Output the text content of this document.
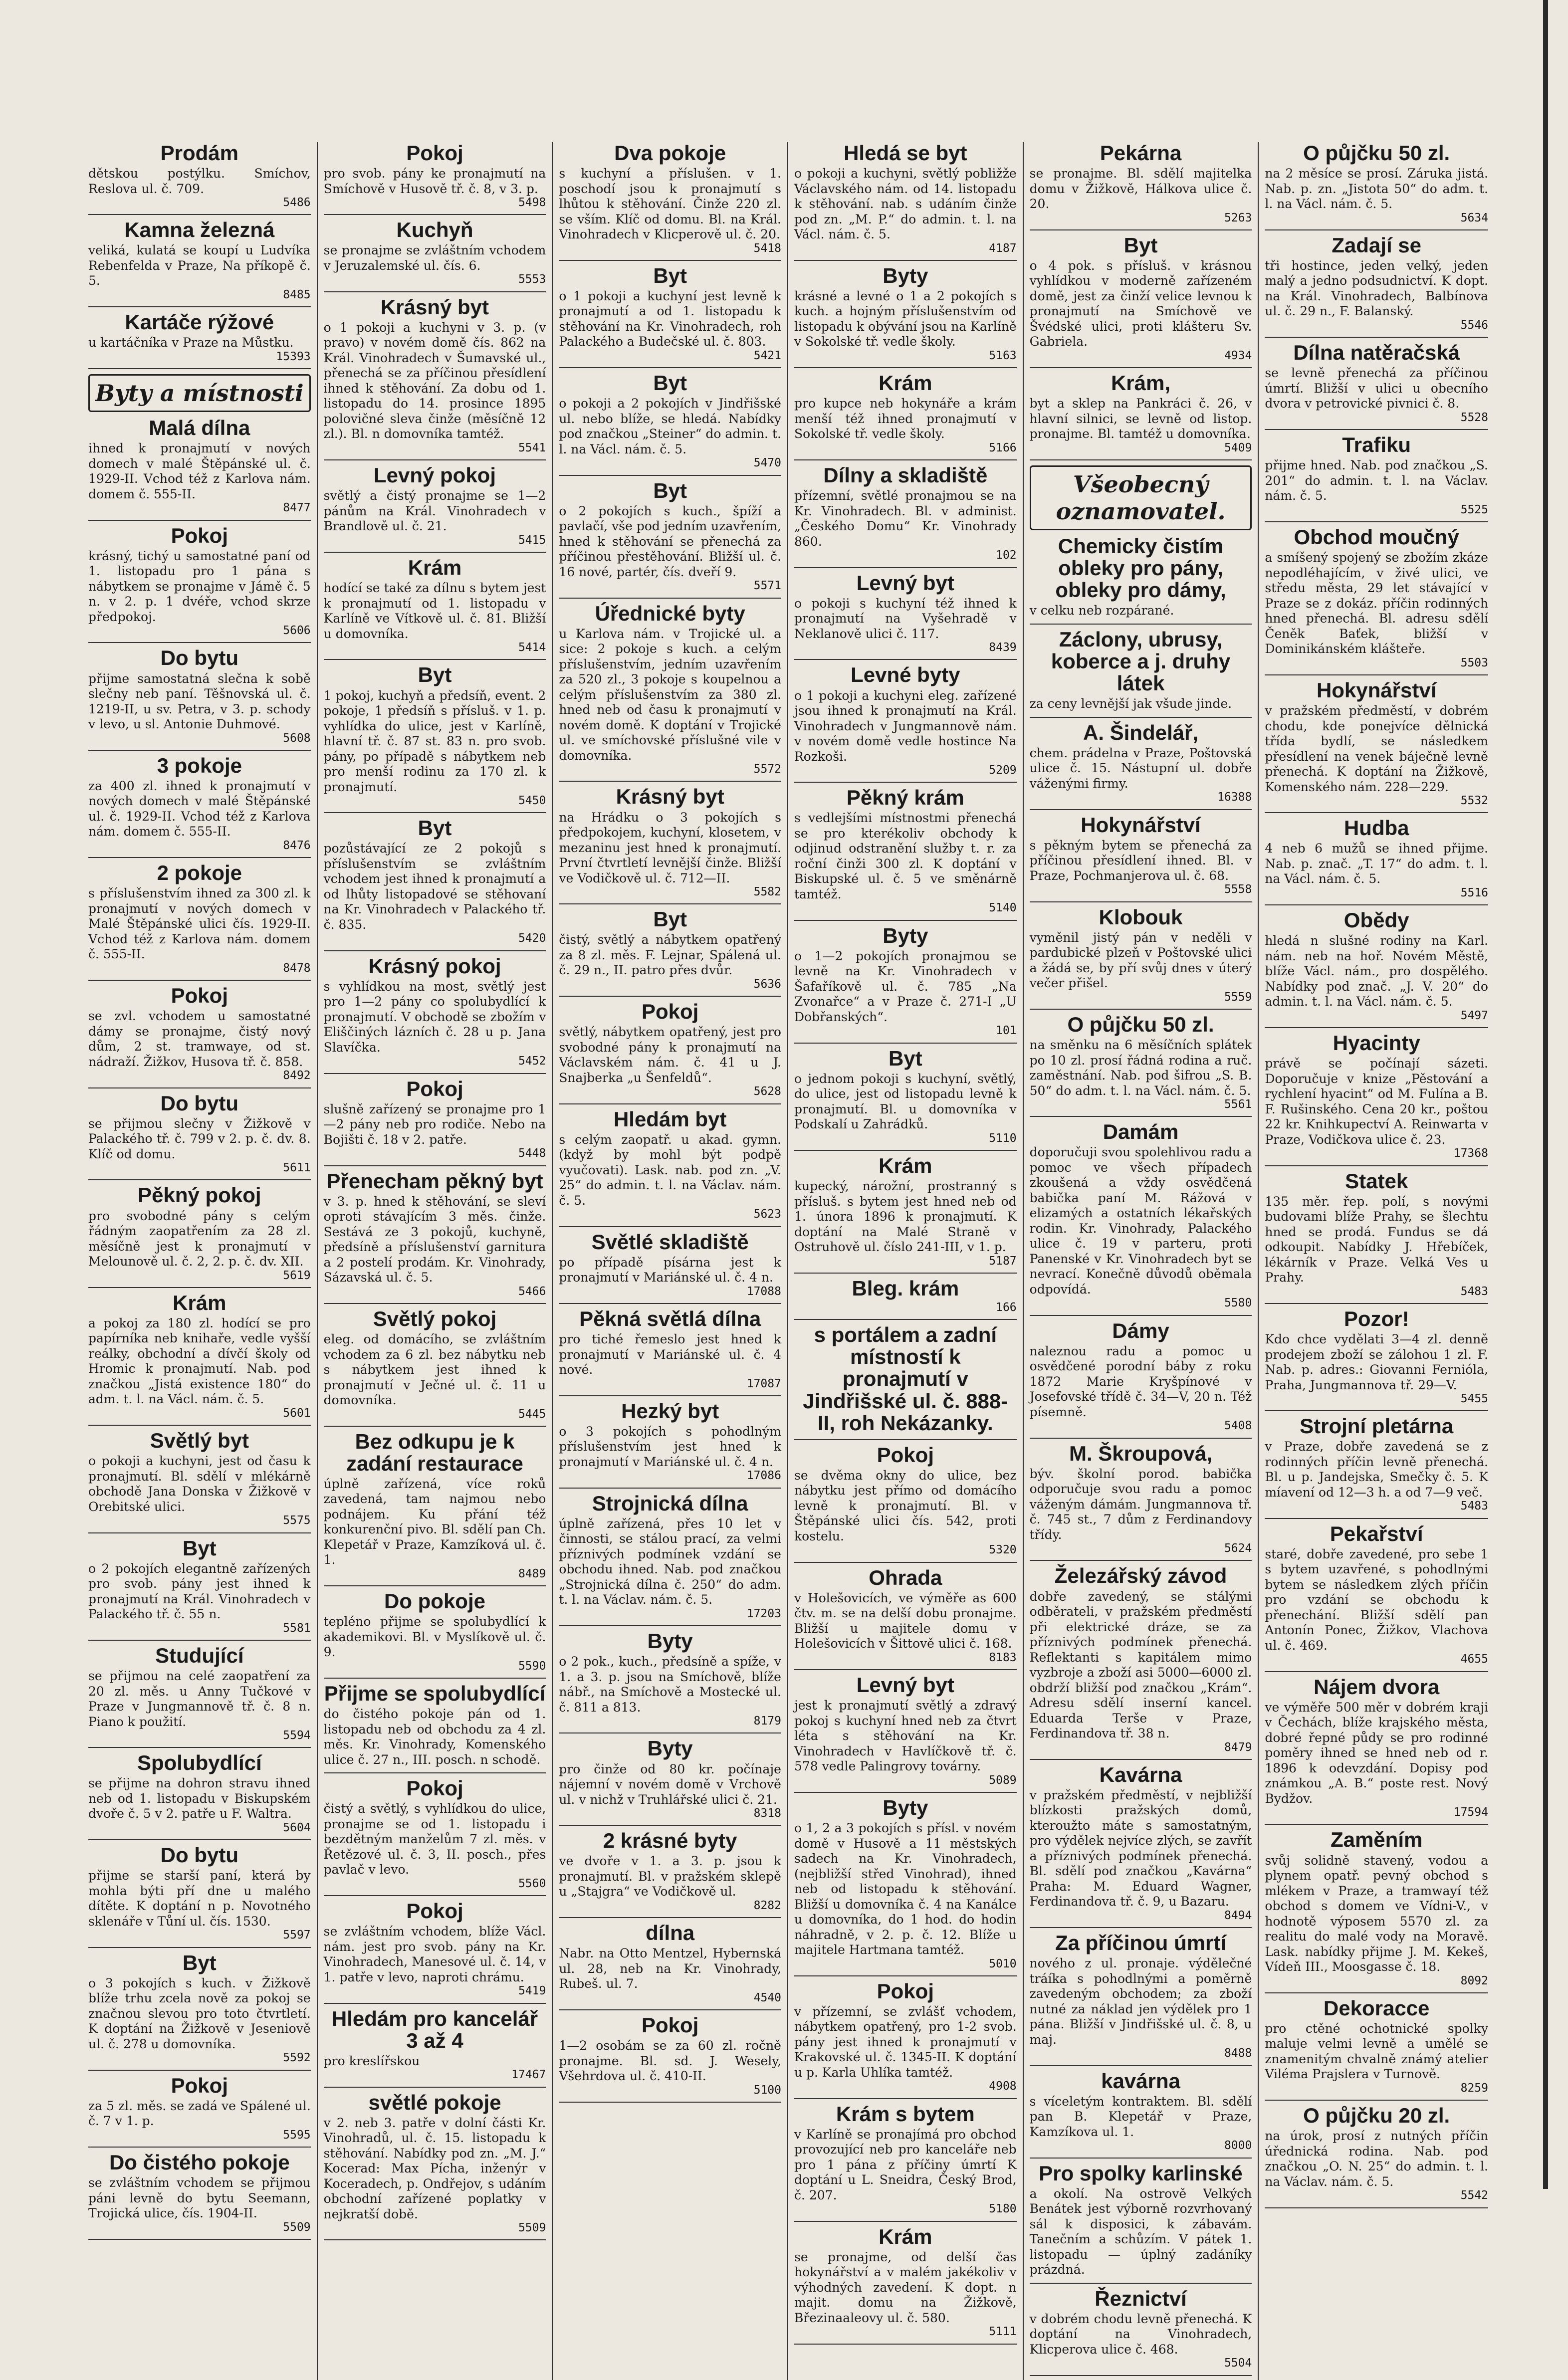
Prodám

dětskou postýlku. Smíchov, Reslova ul. č. 709.

5486
Kamna železná

veliká, kulatá se koupí u Ludvíka Rebenfelda v Praze, Na příkopě č. 5.

8485
Kartáče rýžové

u kartáčníka v Praze na Můstku.

15393
Byty a místnosti
Malá dílna

ihned k pronajmutí v nových domech v malé Štěpánské ul. č. 1929-II. Vchod též z Karlova nám. domem č. 555-II.

8477
Pokoj

krásný, tichý u samostatné paní od 1. listopadu pro 1 pána s nábytkem se pronajme v Jámě č. 5 n. v 2. p. 1 dvéře, vchod skrze předpokoj.

5606
Do bytu

přijme samostatná slečna k sobě slečny neb paní. Těšnovská ul. č. 1219-II, u sv. Petra, v 3. p. schody v levo, u sl. Antonie Duhmové.

5608
3 pokoje

za 400 zl. ihned k pronajmutí v nových domech v malé Štěpánské ul. č. 1929-II. Vchod též z Karlova nám. domem č. 555-II.

8476
2 pokoje

s příslušenstvím ihned za 300 zl. k pronajmutí v nových domech v Malé Štěpánské ulici čís. 1929-II. Vchod též z Karlova nám. domem č. 555-II.

8478
Pokoj

se zvl. vchodem u samostatné dámy se pronajme, čistý nový dům, 2 st. tramwaye, od st. nádraží. Žižkov, Husova tř. č. 858.

8492
Do bytu

se přijmou slečny v Žižkově v Palackého tř. č. 799 v 2. p. č. dv. 8. Klíč od domu.

5611
Pěkný pokoj

pro svobodné pány s celým řádným zaopatřením za 28 zl. měsíčně jest k pronajmutí v Melounově ul. č. 2, 2. p. č. dv. XII.

5619
Krám

a pokoj za 180 zl. hodící se pro papírníka neb knihaře, vedle vyšší reálky, obchodní a dívčí školy od Hromic k pronajmutí. Nab. pod značkou „Jistá existence 180“ do adm. t. l. na Václ. nám. č. 5.

5601
Světlý byt

o pokoji a kuchyni, jest od času k pronajmutí. Bl. sdělí v mlékárně obchodě Jana Donska v Žižkově v Orebitské ulici.

5575
Byt

o 2 pokojích elegantně zařízených pro svob. pány jest ihned k pronajmutí na Král. Vinohradech v Palackého tř. č. 55 n.

5581
Studující

se přijmou na celé zaopatření za 20 zl. měs. u Anny Tučkové v Praze v Jungmannově tř. č. 8 n. Piano k použití.

5594
Spolubydlící

se přijme na dohron stravu ihned neb od 1. listopadu v Biskupském dvoře č. 5 v 2. patře u F. Waltra.

5604
Do bytu

přijme se starší paní, která by mohla býti pří dne u malého dítěte. K doptání n p. Novotného sklenáře v Tůní ul. čís. 1530.

5597
Byt

o 3 pokojích s kuch. v Žižkově blíže trhu zcela nově za pokoj se značnou slevou pro toto čtvrtletí. K doptání na Žižkově v Jeseniově ul. č. 278 u domovníka.

5592
Pokoj

za 5 zl. měs. se zadá ve Spálené ul. č. 7 v 1. p.

5595
Do čistého pokoje

se zvláštním vchodem se přijmou páni levně do bytu Seemann, Trojická ulice, čís. 1904-II.

5509
Pokoj

pro svob. pány ke pronajmutí na Smíchově v Husově tř. č. 8, v 3. p.

5498
Kuchyň

se pronajme se zvláštním vchodem v Jeruzalemské ul. čís. 6.

5553
Krásný byt

o 1 pokoji a kuchyni v 3. p. (v pravo) v novém domě čís. 862 na Král. Vinohradech v Šumavské ul., přenechá se za příčinou přesídlení ihned k stěhování. Za dobu od 1. listopadu do 14. prosince 1895 polovičné sleva činže (měsíčně 12 zl.). Bl. n domovníka tamtéž.

5541
Levný pokoj

světlý a čistý pronajme se 1—2 pánům na Král. Vinohradech v Brandlově ul. č. 21.

5415
Krám

hodící se také za dílnu s bytem jest k pronajmutí od 1. listopadu v Karlíně ve Vítkově ul. č. 81. Bližší u domovníka.

5414
Byt

1 pokoj, kuchyň a předsíň, event. 2 pokoje, 1 předsíň s přísluš. v 1. p. vyhlídka do ulice, jest v Karlíně, hlavní tř. č. 87 st. 83 n. pro svob. pány, po případě s nábytkem neb pro menší rodinu za 170 zl. k pronajmutí.

5450
Byt

pozůstávající ze 2 pokojů s příslušenstvím se zvláštním vchodem jest ihned k pronajmutí a od lhůty listopadové se stěhovaní na Kr. Vinohradech v Palackého tř. č. 835.

5420
Krásný pokoj

s vyhlídkou na most, světlý jest pro 1—2 pány co spolubydlící k pronajmutí. V obchodě se zbožím v Eliščiných lázních č. 28 u p. Jana Slavíčka.

5452
Pokoj

slušně zařízený se pronajme pro 1—2 pány neb pro rodiče. Nebo na Bojišti č. 18 v 2. patře.

5448
Přenecham pěkný byt

v 3. p. hned k stěhování, se sleví oproti stávajícím 3 měs. činže. Sestává ze 3 pokojů, kuchyně, předsíně a příslušenství garnitura a 2 postelí prodám. Kr. Vinohrady, Sázavská ul. č. 5.

5466
Světlý pokoj

eleg. od domácího, se zvláštním vchodem za 6 zl. bez nábytku neb s nábytkem jest ihned k pronajmutí v Ječné ul. č. 11 u domovníka.

5445
Bez odkupu je k zadání restaurace

úplně zařízená, více roků zavedená, tam najmou nebo podnájem. Ku přání též konkurenční pivo. Bl. sdělí pan Ch. Klepetář v Praze, Kamzíková ul. č. 1.

8489
Do pokoje

tepléno přijme se spolubydlící k akademikovi. Bl. v Myslíkově ul. č. 9.

5590
Přijme se spolubydlící

do čistého pokoje pán od 1. listopadu neb od obchodu za 4 zl. měs. Kr. Vinohrady, Komenského ulice č. 27 n., III. posch. n schodě.

Pokoj

čistý a světlý, s vyhlídkou do ulice, pronajme se od 1. listopadu i bezdětným manželům 7 zl. měs. v Řetězové ul. č. 3, II. posch., přes pavlač v levo.

5560
Pokoj

se zvláštním vchodem, blíže Václ. nám. jest pro svob. pány na Kr. Vinohradech, Manesové ul. č. 14, v 1. patře v levo, naproti chrámu.

5419
Hledám pro kancelář 3 až 4

pro kreslířskou

17467
světlé pokoje

v 2. neb 3. patře v dolní části Kr. Vinohradů, ul. č. 15. listopadu k stěhování. Nabídky pod zn. „M. J.“ Kocerad: Max Pícha, inženýr v Koceradech, p. Ondřejov, s udáním obchodní zařízené poplatky v nejkratší době.

5509
Dva pokoje

s kuchyní a příslušen. v 1. poschodí jsou k pronajmutí s lhůtou k stěhování. Činže 220 zl. se vším. Klíč od domu. Bl. na Král. Vinohradech v Klicperově ul. č. 20.

5418
Byt

o 1 pokoji a kuchyní jest levně k pronajmutí a od 1. listopadu k stěhování na Kr. Vinohradech, roh Palackého a Budečské ul. č. 803.

5421
Byt

o pokoji a 2 pokojích v Jindřišské ul. nebo blíže, se hledá. Nabídky pod značkou „Steiner“ do admin. t. l. na Václ. nám. č. 5.

5470
Byt

o 2 pokojích s kuch., špíží a pavlačí, vše pod jedním uzavřením, hned k stěhování se přenechá za příčinou přestěhování. Bližší ul. č. 16 nové, partér, čís. dveří 9.

5571
Úřednické byty

u Karlova nám. v Trojické ul. a sice: 2 pokoje s kuch. a celým příslušenstvím, jedním uzavřením za 520 zl., 3 pokoje s koupelnou a celým příslušenstvím za 380 zl. hned neb od času k pronajmutí v novém domě. K doptání v Trojické ul. ve smíchovské příslušné vile v domovníka.

5572
Krásný byt

na Hrádku o 3 pokojích s předpokojem, kuchyní, klosetem, v mezaninu jest hned k pronajmutí. První čtvrtletí levnější činže. Bližší ve Vodičkově ul. č. 712—II.

5582
Byt

čistý, světlý a nábytkem opatřený za 8 zl. měs. F. Lejnar, Spálená ul. č. 29 n., II. patro přes dvůr.

5636
Pokoj

světlý, nábytkem opatřený, jest pro svobodné pány k pronajmutí na Václavském nám. č. 41 u J. Snajberka „u Šenfeldů“.

5628
Hledám byt

s celým zaopatř. u akad. gymn. (když by mohl být podpě vyučovati). Lask. nab. pod zn. „V. 25“ do admin. t. l. na Václav. nám. č. 5.

5623
Světlé skladiště

po případě písárna jest k pronajmutí v Mariánské ul. č. 4 n.

17088
Pěkná světlá dílna

pro tiché řemeslo jest hned k pronajmutí v Mariánské ul. č. 4 nové.

17087
Hezký byt

o 3 pokojích s pohodlným příslušenstvím jest hned k pronajmutí v Mariánské ul. č. 4 n.

17086
Strojnická dílna

úplně zařízená, přes 10 let v činnosti, se stálou prací, za velmi příznivých podmínek vzdání se obchodu ihned. Nab. pod značkou „Strojnická dílna č. 250“ do adm. t. l. na Václav. nám. č. 5.

17203
Byty

o 2 pok., kuch., předsíně a spíže, v 1. a 3. p. jsou na Smíchově, blíže nábř., na Smíchově a Mostecké ul. č. 811 a 813.

8179
Byty

pro činže od 80 kr. počínaje nájemní v novém domě v Vrchově ul. v nichž v Truhlářské ulici č. 21.

8318
2 krásné byty

ve dvoře v 1. a 3. p. jsou k pronajmutí. Bl. v pražském sklepě u „Stajgra“ ve Vodičkově ul.

8282
dílna

Nabr. na Otto Mentzel, Hybernská ul. 28, neb na Kr. Vinohrady, Rubeš. ul. 7.

4540
Pokoj

1—2 osobám se za 60 zl. ročně pronajme. Bl. sd. J. Wesely, Všehrdova ul. č. 410-II.

5100
Hledá se byt

o pokoji a kuchyni, světlý pobližže Václavského nám. od 14. listopadu k stěhování. nab. s udáním činže pod zn. „M. P.“ do admin. t. l. na Václ. nám. č. 5.

4187
Byty

krásné a levné o 1 a 2 pokojích s kuch. a hojným příslušenstvím od listopadu k obývání jsou na Karlíně v Sokolské tř. vedle školy.

5163
Krám

pro kupce neb hokynáře a krám menší též ihned pronajmutí v Sokolské tř. vedle školy.

5166
Dílny a skladiště

přízemní, světlé pronajmou se na Kr. Vinohradech. Bl. v administ. „Českého Domu“ Kr. Vinohrady 860.

102
Levný byt

o pokoji s kuchyní též ihned k pronajmutí na Vyšehradě v Neklanově ulici č. 117.

8439
Levné byty

o 1 pokoji a kuchyni eleg. zařízené jsou ihned k pronajmutí na Král. Vinohradech v Jungmannově nám. v novém domě vedle hostince Na Rozkoši.

5209
Pěkný krám

s vedlejšími místnostmi přenechá se pro kterékoliv obchody k odjinud odstranění služby t. r. za roční činži 300 zl. K doptání v Biskupské ul. č. 5 ve směnárně tamtéž.

5140
Byty

o 1—2 pokojích pronajmou se levně na Kr. Vinohradech v Šafaříkově ul. č. 785 „Na Zvonařce“ a v Praze č. 271-I „U Dobřanských“.

101
Byt

o jednom pokoji s kuchyní, světlý, do ulice, jest od listopadu levně k pronajmutí. Bl. u domovníka v Podskalí u Zahrádků.

5110
Krám

kupecký, nárožní, prostranný s přísluš. s bytem jest hned neb od 1. února 1896 k pronajmutí. K doptání na Malé Straně v Ostruhově ul. číslo 241-III, v 1. p.

5187
Bleg. krám
166
s portálem a zadní místností k pronajmutí v Jindřišské ul. č. 888-II, roh Nekázanky.
Pokoj

se dvěma okny do ulice, bez nábytku jest přímo od domácího levně k pronajmutí. Bl. v Štěpánské ulici čís. 542, proti kostelu.

5320
Ohrada

v Holešovicích, ve výměře as 600 čtv. m. se na delší dobu pronajme. Bližší u majitele domu v Holešovicích v Šittově ulici č. 168.

8183
Levný byt

jest k pronajmutí světlý a zdravý pokoj s kuchyní hned neb za čtvrt léta s stěhování na Kr. Vinohradech v Havlíčkově tř. č. 578 vedle Palingrovy továrny.

5089
Byty

o 1, 2 a 3 pokojích s přísl. v novém domě v Husově a 11 městských sadech na Kr. Vinohradech, (nejbližší střed Vinohrad), ihned neb od listopadu k stěhování. Bližší u domovníka č. 4 na Kanálce u domovníka, do 1 hod. do hodin náhradně, v 2. p. č. 12. Blíže u majitele Hartmana tamtéž.

5010
Pokoj

v přízemní, se zvlášť vchodem, nábytkem opatřený, pro 1-2 svob. pány jest ihned k pronajmutí v Krakovské ul. č. 1345-II. K doptání u p. Karla Uhlíka tamtéž.

4908
Krám s bytem

v Karlíně se pronajímá pro obchod provozující neb pro kanceláře neb pro 1 pána z příčiny úmrtí K doptání u L. Sneidra, Český Brod, č. 207.

5180
Krám

se pronajme, od delší čas hokynářství a v malém jakékoliv v výhodných zavedení. K dopt. n majit. domu na Žižkově, Březinaaleovy ul. č. 580.

5111
Pekárna

se pronajme. Bl. sdělí majitelka domu v Žižkově, Hálkova ulice č. 20.

5263
Byt

o 4 pok. s přísluš. v krásnou vyhlídkou v moderně zařízeném domě, jest za činží velice levnou k pronajmutí na Smíchově ve Švédské ulici, proti klášteru Sv. Gabriela.

4934
Krám,

byt a sklep na Pankráci č. 26, v hlavní silnici, se levně od listop. pronajme. Bl. tamtéž u domovníka.

5409
Všeobecný oznamovatel.
Chemicky čistím obleky pro pány, obleky pro dámy,

v celku neb rozpárané.

Záclony, ubrusy, koberce a j. druhy látek

za ceny levnější jak všude jinde.

A. Šindelář,

chem. prádelna v Praze, Poštovská ulice č. 15. Nástupní ul. dobře váženými firmy.

16388
Hokynářství

s pěkným bytem se přenechá za příčinou přesídlení ihned. Bl. v Praze, Pochmanjerova ul. č. 68.

5558
Klobouk

vyměnil jistý pán v neděli v pardubické plzeň v Poštovské ulici a žádá se, by pří svůj dnes v úterý večer přišel.

5559
O půjčku 50 zl.

na směnku na 6 měsíčních splátek po 10 zl. prosí řádná rodina a ruč. zaměstnání. Nab. pod šifrou „S. B. 50“ do adm. t. l. na Václ. nám. č. 5.

5561
Damám

doporučuji svou spolehlivou radu a pomoc ve všech případech zkoušená a vždy osvědčená babička paní M. Rážová v elizamých a ostatních lékařských rodin. Kr. Vinohrady, Palackého ulice č. 19 v parteru, proti Panenské v Kr. Vinohradech byt se nevrací. Konečně důvodů oběmala odpovídá.

5580
Dámy

naleznou radu a pomoc u osvědčené porodní báby z roku 1872 Marie Kryšpínové v Josefovské třídě č. 34—V, 20 n. Též písemně.

5408
M. Škroupová,

býv. školní porod. babička odporučuje svou radu a pomoc váženým dámám. Jungmannova tř. č. 745 st., 7 dům z Ferdinandovy třídy.

5624
Železářský závod

dobře zavedený, se stálými odběrateli, v pražském předměstí při elektrické dráze, se za příznivých podmínek přenechá. Reflektanti s kapitálem mimo vyzbroje a zboží asi 5000—6000 zl. obdrží bližší pod značkou „Krám“. Adresu sdělí inserní kancel. Eduarda Terše v Praze, Ferdinandova tř. 38 n.

8479
Kavárna

v pražském předměstí, v nejbližší blízkosti pražských domů, kteroužto máte s samostatným, pro výdělek nejvíce zlých, se zavřít a příznivých podmínek přenechá. Bl. sdělí pod značkou „Kavárna“ Praha: M. Eduard Wagner, Ferdinandova tř. č. 9, u Bazaru.

8494
Za příčinou úmrtí

nového z ul. pronaje. výdělečné tráíka s pohodlnými a poměrně zavedeným obchodem; za zboží nutné za náklad jen výdělek pro 1 pána. Bližší v Jindřišské ul. č. 8, u maj.

8488
kavárna

s víceletým kontraktem. Bl. sdělí pan B. Klepetář v Praze, Kamzíkova ul. 1.

8000
Pro spolky karlinské

a okolí. Na ostrově Velkých Benátek jest výborně rozvrhovaný sál k disposici, k zábavám. Tanečním a schůzím. V pátek 1. listopadu — úplný zadáníky prázdná.

Řeznictví

v dobrém chodu levně přenechá. K doptání na Vinohradech, Klicperova ulice č. 468.

5504
O půjčku 50 zl.

na 2 měsíce se prosí. Záruka jistá. Nab. p. zn. „Jistota 50“ do adm. t. l. na Václ. nám. č. 5.

5634
Zadají se

tři hostince, jeden velký, jeden malý a jedno podsudnictví. K dopt. na Král. Vinohradech, Balbínova ul. č. 29 n., F. Balanský.

5546
Dílna natěračská

se levně přenechá za příčinou úmrtí. Bližší v ulici u obecního dvora v petrovické pivnici č. 8.

5528
Trafiku

přijme hned. Nab. pod značkou „S. 201“ do admin. t. l. na Václav. nám. č. 5.

5525
Obchod moučný

a smíšený spojený se zbožím zkáze nepodléhajícím, v živé ulici, ve středu města, 29 let stávající v Praze se z dokáz. příčin rodinných hned přenechá. Bl. adresu sdělí Čeněk Baťek, bližší v Dominikánském klášteře.

5503
Hokynářství

v pražském předměstí, v dobrém chodu, kde ponejvíce dělnická třída bydlí, se následkem přesídlení na venek báječně levně přenechá. K doptání na Žižkově, Komenského nám. 228—229.

5532
Hudba

4 neb 6 mužů se ihned přijme. Nab. p. znač. „T. 17“ do adm. t. l. na Václ. nám. č. 5.

5516
Obědy

hledá n slušné rodiny na Karl. nám. neb na hoř. Novém Městě, blíže Václ. nám., pro dospělého. Nabídky pod znač. „J. V. 20“ do admin. t. l. na Václ. nám. č. 5.

5497
Hyacinty

právě se počínají sázeti. Doporučuje v knize „Pěstování a rychlení hyacint“ od M. Fulína a B. F. Rušinského. Cena 20 kr., poštou 22 kr. Knihkupectví A. Reinwarta v Praze, Vodičkova ulice č. 23.

17368
Statek

135 měr. řep. polí, s novými budovami blíže Prahy, se šlechtu hned se prodá. Fundus se dá odkoupit. Nabídky J. Hřebíček, lékárník v Praze. Velká Ves u Prahy.

5483
Pozor!

Kdo chce vydělati 3—4 zl. denně prodejem zboží se zálohou 1 zl. F. Nab. p. adres.: Giovanni Fernióla, Praha, Jungmannova tř. 29—V.

5455
Strojní pletárna

v Praze, dobře zavedená se z rodinných příčin levně přenechá. Bl. u p. Jandejska, Smečky č. 5. K míavení od 12—3 h. a od 7—9 več.

5483
Pekařství

staré, dobře zavedené, pro sebe 1 s bytem uzavřené, s pohodlnými bytem se následkem zlých příčin pro vzdání se obchodu k přenechání. Bližší sdělí pan Antonín Ponec, Žižkov, Vlachova ul. č. 469.

4655
Nájem dvora

ve výměře 500 měr v dobrém kraji v Čechách, blíže krajského města, dobré řepné půdy se pro rodinné poměry ihned se hned neb od r. 1896 k odevzdání. Dopisy pod známkou „A. B.“ poste rest. Nový Bydžov.

17594
Zaměním

svůj solidně stavený, vodou a plynem opatř. pevný obchod s mlékem v Praze, a tramwayí též obchod s domem ve Vídni-V., v hodnotě výposem 5570 zl. za realitu do malé vody na Moravě. Lask. nabídky přijme J. M. Kekeš, Vídeň III., Moosgasse č. 18.

8092
Dekoracce

pro ctěné ochotnické spolky maluje velmi levně a umělé se znamenitým chvalně známý atelier Viléma Prajslera v Turnově.

8259
O půjčku 20 zl.

na úrok, prosí z nutných příčin úřednická rodina. Nab. pod značkou „O. N. 25“ do admin. t. l. na Václav. nám. č. 5.

5542
